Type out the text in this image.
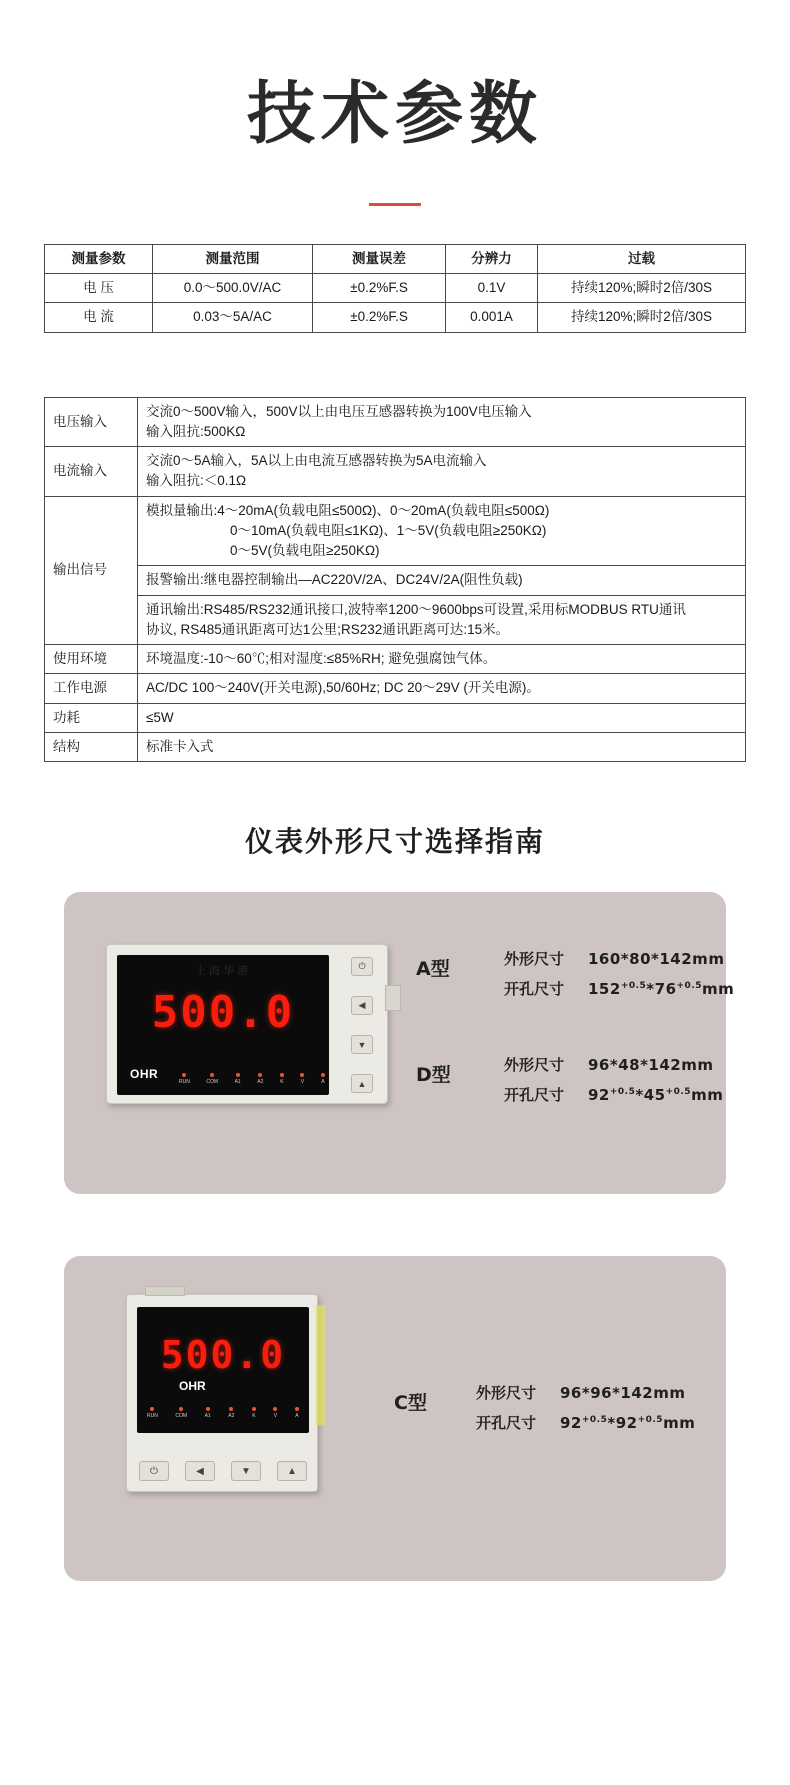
技术参数
测量参数	测量范围	测量误差	分辨力	过载
电 压	0.0～500.0V/AC	±0.2%F.S	0.1V	持续120%;瞬时2倍/30S
电 流	0.03～5A/AC	±0.2%F.S	0.001A	持续120%;瞬时2倍/30S
电压输入	交流0～500V输入，500V以上由电压互感器转换为100V电压输入
输入阻抗:500KΩ

电流输入	交流0～5A输入，5A以上由电流互感器转换为5A电流输入
输入阻抗:＜0.1Ω

输出信号	模拟量输出:4～20mA(负载电阻≤500Ω)、0～20mA(负载电阻≤500Ω)
0～10mA(负载电阻≤1KΩ)、1～5V(负载电阻≥250KΩ)
0～5V(负载电阻≥250KΩ)

	报警输出:继电器控制输出—AC220V/2A、DC24V/2A(阻性负载)

	通讯输出:RS485/RS232通讯接口,波特率1200～9600bps可设置,采用标MODBUS RTU通讯
协议, RS485通讯距离可达1公里;RS232通讯距离可达:15米。

使用环境	环境温度:-10～60℃;相对湿度:≤85%RH; 避免强腐蚀气体。
工作电源	AC/DC 100～240V(开关电源),50/60Hz; DC 20～29V (开关电源)。
功耗	≤5W
结构	标准卡入式
仪表外形尺寸选择指南
上海华港
500.0
OHR
RUN	COM	A1	A2	K	V	A
⏻
◀
▼
▲
A型	外形尺寸 160*80*142mm
开孔尺寸 $152^{+0.5}*76^{+0.5}mm$
D型	外形尺寸 96*48*142mm
开孔尺寸 $92^{+0.5}*45^{+0.5}mm$
500.0
OHR
RUN	COM	A1	A2	K	V	A
⏻	◀	▼	▲
C型	外形尺寸 96*96*142mm
开孔尺寸 $92^{+0.5}*92^{+0.5}mm$
